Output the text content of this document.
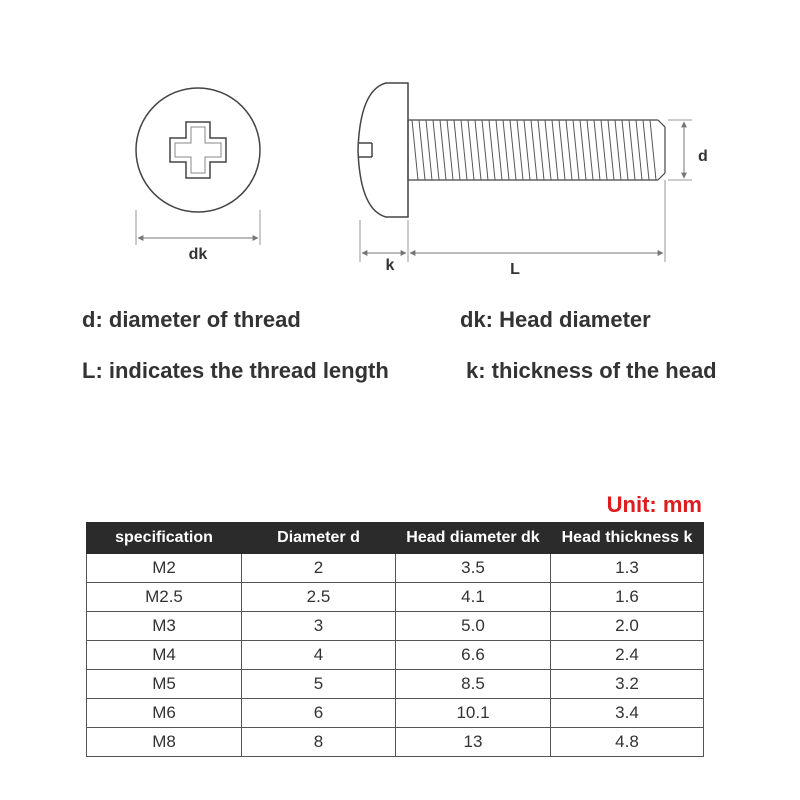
dk
d
k	L
d: diameter of thread	dk: Head diameter
L: indicates the thread length	k: thickness of the head
Unit: mm
specification	Diameter d	Head diameter dk	Head thickness k
M2	2	3.5	1.3
M2.5	2.5	4.1	1.6
M3	3	5.0	2.0
M4	4	6.6	2.4
M5	5	8.5	3.2
M6	6	10.1	3.4
M8	8	13	4.8
